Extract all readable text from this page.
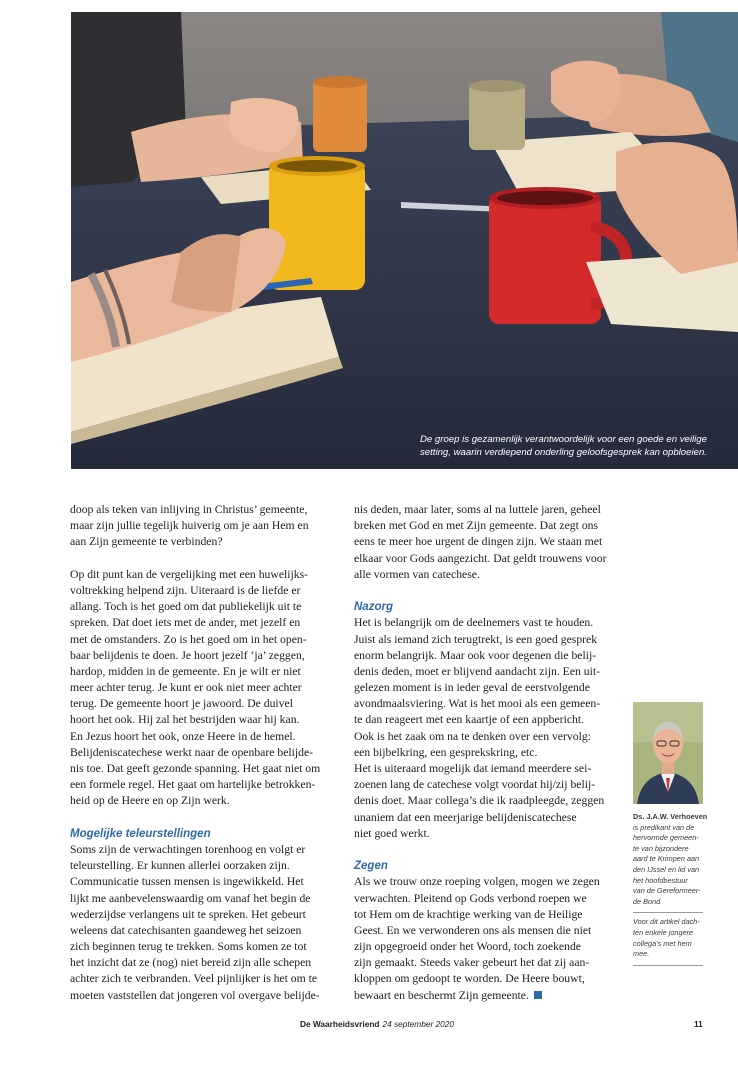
De groep is gezamenlijk verantwoordelijk voor een goede en veilige
setting, waarin verdiepend onderling geloofsgesprek kan opbloeien.
doop als teken van inlijving in Christus’ gemeente,
maar zijn jullie tegelijk huiverig om je aan Hem en
aan Zijn gemeente te verbinden?
Op dit punt kan de vergelijking met een huwelijks-
voltrekking helpend zijn. Uiteraard is de liefde er
allang. Toch is het goed om dat publiekelijk uit te
spreken. Dat doet iets met de ander, met jezelf en
met de omstanders. Zo is het goed om in het open-
baar belijdenis te doen. Je hoort jezelf ‘ja’ zeggen,
hardop, midden in de gemeente. En je wilt er niet
meer achter terug. Je kunt er ook niet meer achter
terug. De gemeente hoort je jawoord. De duivel
hoort het ook. Hij zal het bestrijden waar hij kan.
En Jezus hoort het ook, onze Heere in de hemel.
Belijdeniscatechese werkt naar de openbare belijde-
nis toe. Dat geeft gezonde spanning. Het gaat niet om
een formele regel. Het gaat om hartelijke betrokken-
heid op de Heere en op Zijn werk.
Mogelijke teleurstellingen
Soms zijn de verwachtingen torenhoog en volgt er
teleurstelling. Er kunnen allerlei oorzaken zijn.
Communicatie tussen mensen is ingewikkeld. Het
lijkt me aanbevelenswaardig om vanaf het begin de
wederzijdse verlangens uit te spreken. Het gebeurt
weleens dat catechisanten gaandeweg het seizoen
zich beginnen terug te trekken. Soms komen ze tot
het inzicht dat ze (nog) niet bereid zijn alle schepen
achter zich te verbranden. Veel pijnlijker is het om te
moeten vaststellen dat jongeren vol overgave belijde-
nis deden, maar later, soms al na luttele jaren, geheel
breken met God en met Zijn gemeente. Dat zegt ons
eens te meer hoe urgent de dingen zijn. We staan met
elkaar voor Gods aangezicht. Dat geldt trouwens voor
alle vormen van catechese.
Nazorg
Het is belangrijk om de deelnemers vast te houden.
Juist als iemand zich terugtrekt, is een goed gesprek
enorm belangrijk. Maar ook voor degenen die belij-
denis deden, moet er blijvend aandacht zijn. Een uit-
gelezen moment is in ieder geval de eerstvolgende
avondmaalsviering. Wat is het mooi als een gemeen-
te dan reageert met een kaartje of een appbericht.
Ook is het zaak om na te denken over een vervolg:
een bijbelkring, een gesprekskring, etc.
Het is uiteraard mogelijk dat iemand meerdere sei-
zoenen lang de catechese volgt voordat hij/zij belij-
denis doet. Maar collega’s die ik raadpleegde, zeggen
unaniem dat een meerjarige belijdeniscatechese
niet goed werkt.
Zegen
Als we trouw onze roeping volgen, mogen we zegen
verwachten. Pleitend op Gods verbond roepen we
tot Hem om de krachtige werking van de Heilige
Geest. En we verwonderen ons als mensen die niet
zijn opgegroeid onder het Woord, toch zoekende
zijn gemaakt. Steeds vaker gebeurt het dat zij aan-
kloppen om gedoopt te worden. De Heere bouwt,
bewaart en beschermt Zijn gemeente.
Ds. J.A.W. Verhoeven
is predikant van de
hervormde gemeen-
te van bijzondere
aard te Krimpen aan
den IJssel en lid van
het hoofdbestuur
van de Gereformeer-
de Bond.
Voor dit artikel dach-
ten enkele jongere
collega’s met hem
mee.
De Waarheidsvriend 24 september 2020	11
